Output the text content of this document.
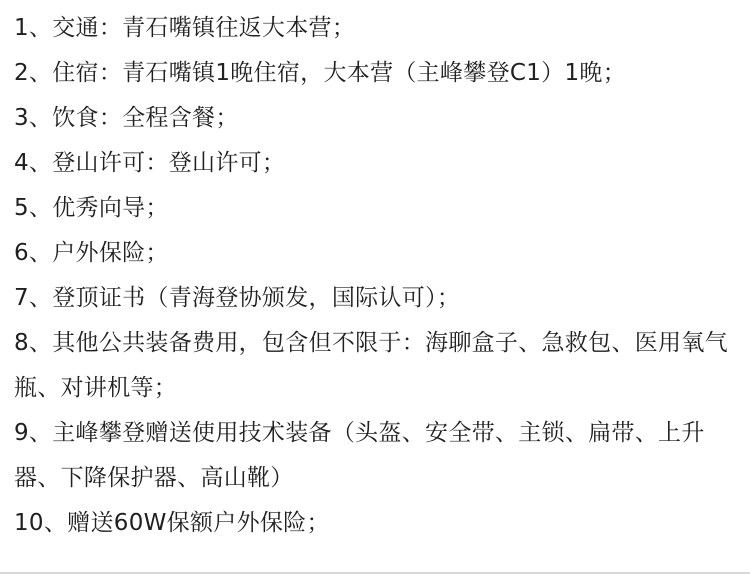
1、交通：青石嘴镇往返大本营；
2、住宿：青石嘴镇1晚住宿，大本营（主峰攀登C1）1晚；
3、饮食：全程含餐；
4、登山许可：登山许可；
5、优秀向导；
6、户外保险；
7、登顶证书（青海登协颁发，国际认可）；
8、其他公共装备费用，包含但不限于：海聊盒子、急救包、医用氧气瓶、对讲机等；
9、主峰攀登赠送使用技术装备（头盔、安全带、主锁、扁带、上升器、下降保护器、高山靴）
10、赠送60W保额户外保险；
